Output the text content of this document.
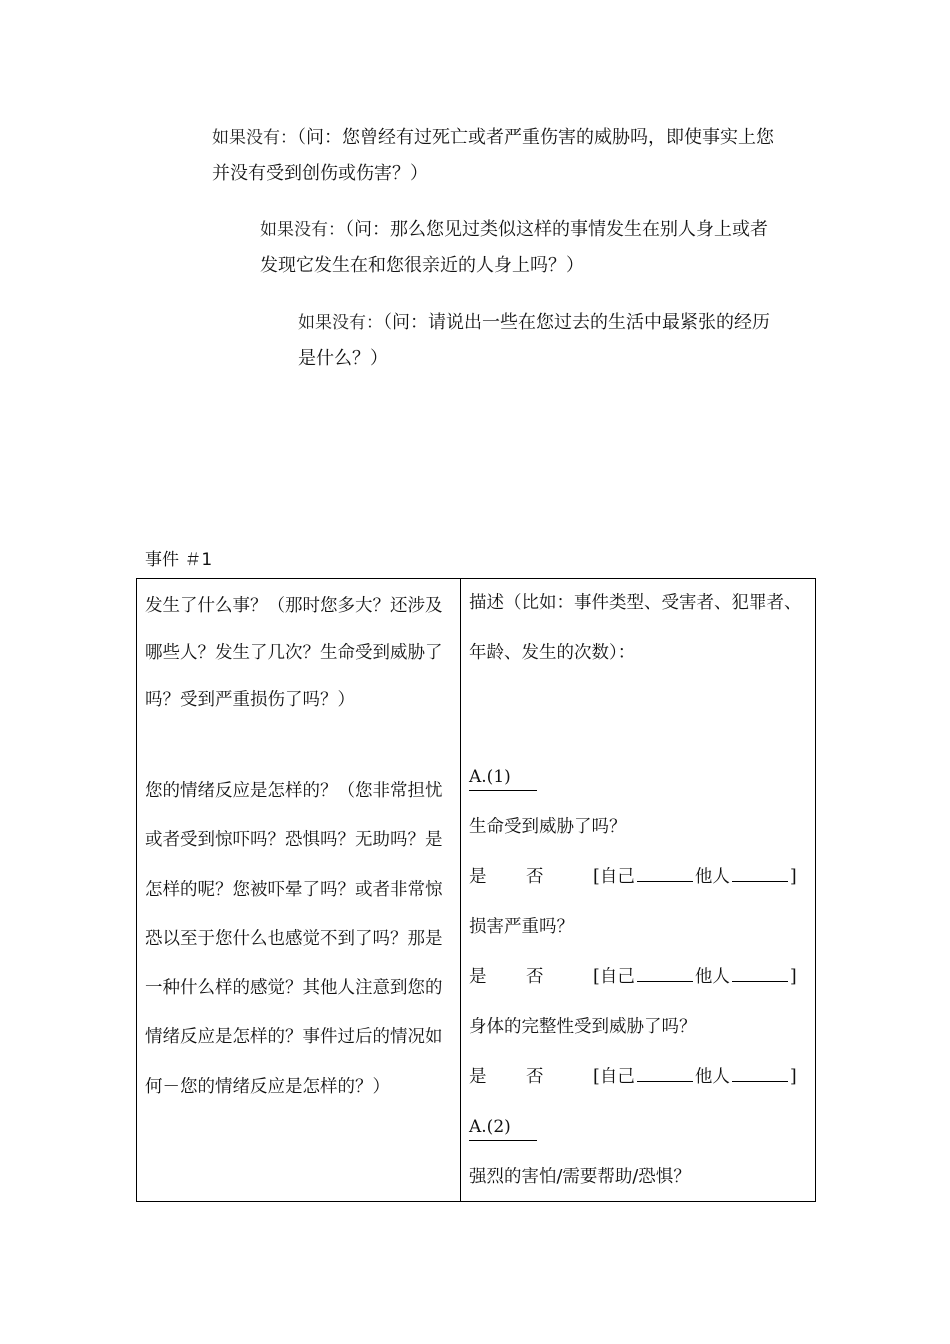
如果没有：（问：您曾经有过死亡或者严重伤害的威胁吗，即使事实上您
并没有受到创伤或伤害？）
如果没有：（问：那么您见过类似这样的事情发生在别人身上或者
发现它发生在和您很亲近的人身上吗？）
如果没有：（问：请说出一些在您过去的生活中最紧张的经历
是什么？）
事件 ＃1
发生了什么事？（那时您多大？还涉及哪些人？发生了几次？生命受到威胁了吗？受到严重损伤了吗？）
您的情绪反应是怎样的？（您非常担忧或者受到惊吓吗？恐惧吗？无助吗？是怎样的呢？您被吓晕了吗？或者非常惊恐以至于您什么也感觉不到了吗？那是一种什么样的感觉？其他人注意到您的情绪反应是怎样的？事件过后的情况如何－您的情绪反应是怎样的？）
描述（比如：事件类型、受害者、犯罪者、
年龄、发生的次数）：
A.(1)
生命受到威胁了吗？
是 否	[自己	他人	]
损害严重吗？
是 否	[自己	他人	]
身体的完整性受到威胁了吗？
是 否	[自己	他人	]
A.(2)
强烈的害怕/需要帮助/恐惧？
